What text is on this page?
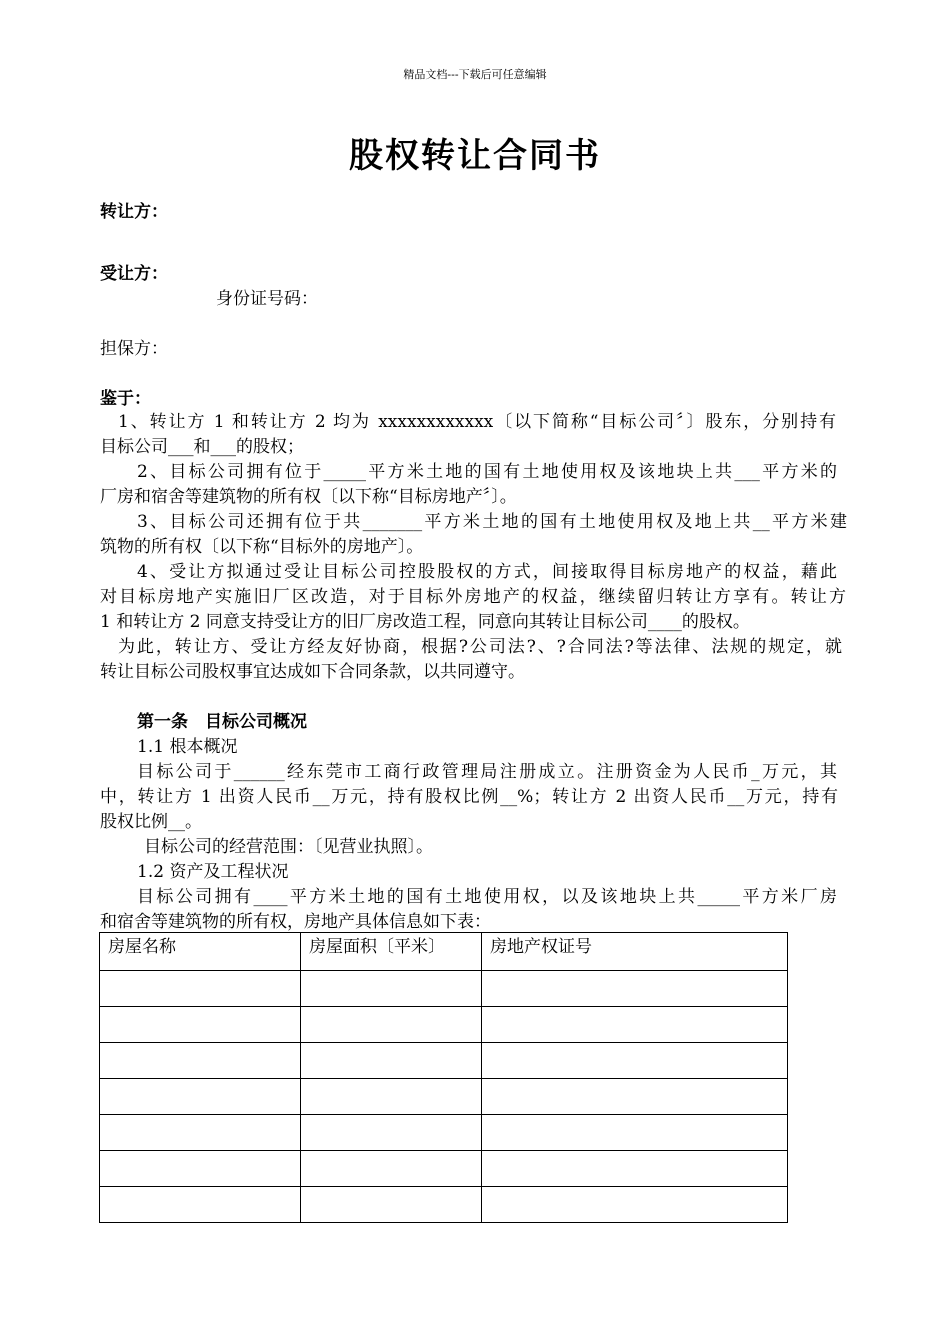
精品文档---下载后可任意编辑
股权转让合同书
转让方：
受让方：
身份证号码：
担保方：
鉴于：
1、转让方 1 和转让方 2 均为 xxxxxxxxxxxx〔以下简称“目标公司〞〕股东，分别持有
目标公司___和___的股权；
2、目标公司拥有位于_____平方米土地的国有土地使用权及该地块上共___平方米的
厂房和宿舍等建筑物的所有权〔以下称“目标房地产〞〕。
3、目标公司还拥有位于共_______平方米土地的国有土地使用权及地上共__平方米建
筑物的所有权〔以下称“目标外的房地产〕。
4、受让方拟通过受让目标公司控股股权的方式，间接取得目标房地产的权益，藉此
对目标房地产实施旧厂区改造，对于目标外房地产的权益，继续留归转让方享有。转让方
1 和转让方 2 同意支持受让方的旧厂房改造工程，同意向其转让目标公司____的股权。
为此，转让方、受让方经友好协商，根据?公司法?、?合同法?等法律、法规的规定，就
转让目标公司股权事宜达成如下合同条款，以共同遵守。
第一条　目标公司概况
1.1 根本概况
目标公司于______经东莞市工商行政管理局注册成立。注册资金为人民币_万元，其
中，转让方 1 出资人民币__万元，持有股权比例__%；转让方 2 出资人民币__万元，持有
股权比例__。
目标公司的经营范围：〔见营业执照〕。
1.2 资产及工程状况
目标公司拥有____平方米土地的国有土地使用权，以及该地块上共_____平方米厂房
和宿舍等建筑物的所有权，房地产具体信息如下表：
房屋名称	房屋面积〔平米〕	房地产权证号
